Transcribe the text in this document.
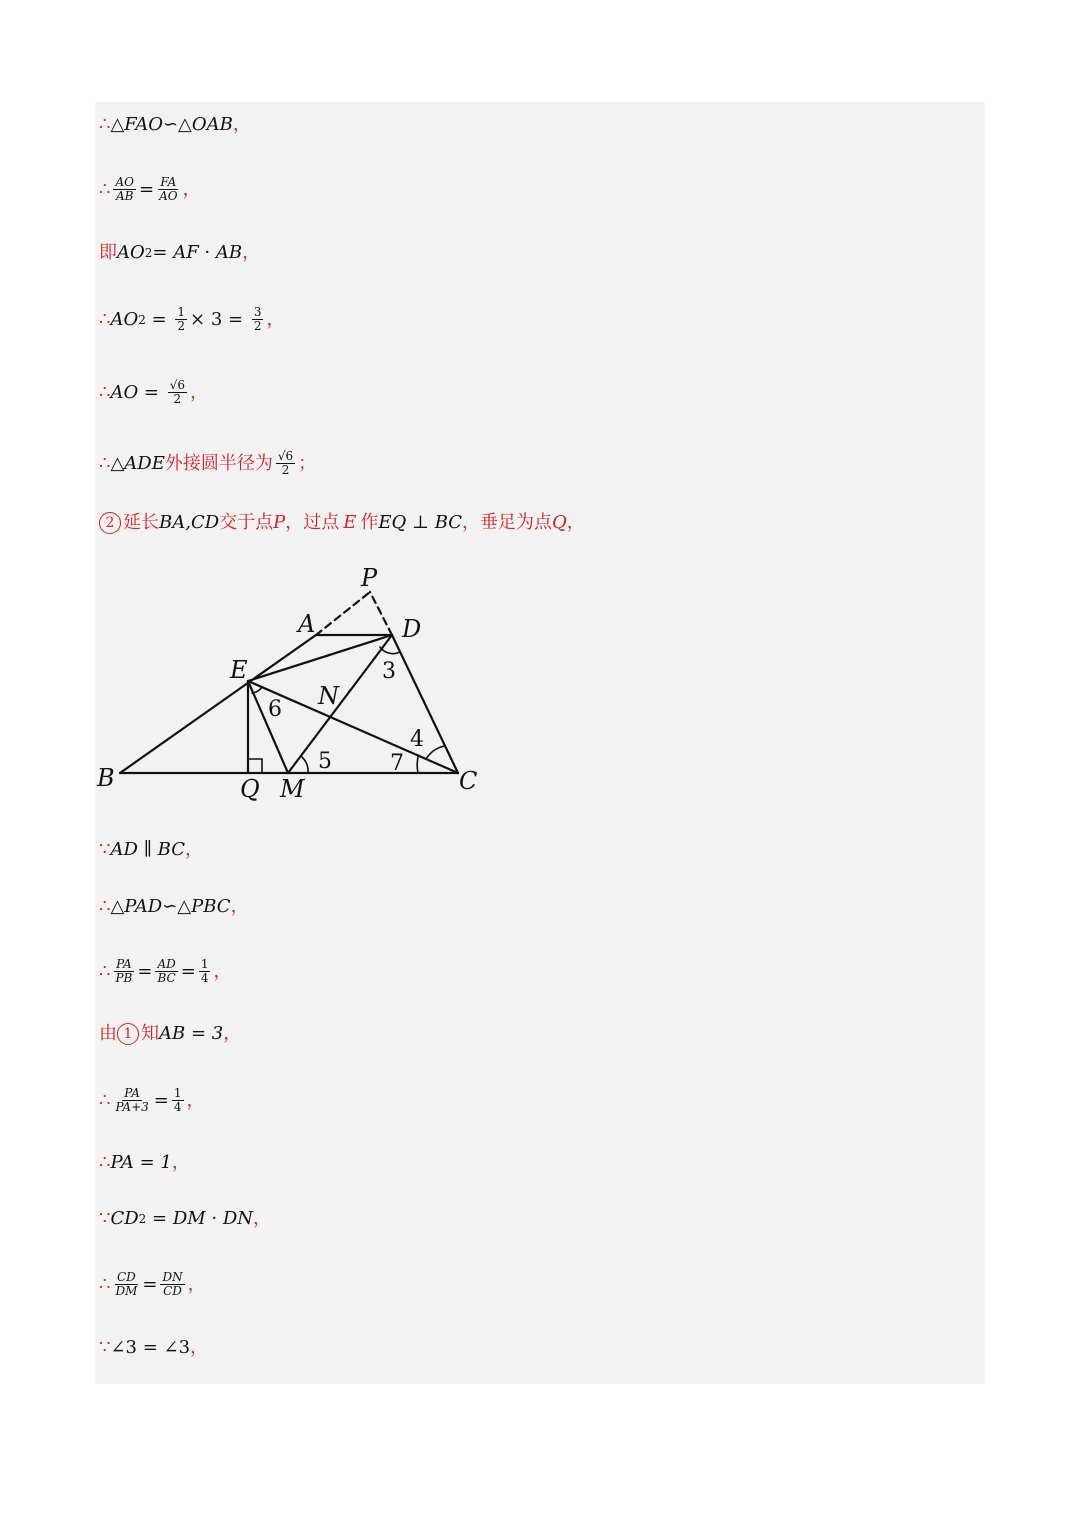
∴ △FAO∽△OAB ，
∴ $\frac{AO}{AB} = \frac{FA}{AO}$ ，
即 AO 2 = AF · AB ，
∴ AO $2 = \frac{1}{2} \times 3 = \frac{3}{2}$ ，
∴ AO = $\frac{√6}{2}$ ，
∴ △ADE 外接圆半径为 $\frac{√6}{2}$ ；
2 延长 BA,CD 交于点 P ，过点 E 作 EQ ⊥ BC ，垂足为点 Q ，
P
A	D
E
N
B	Q M	C
3
6
5
4
7
∵ AD ∥ BC ，
∴ △PAD∽△PBC ，
∴ $\frac{PA}{PB} = \frac{AD}{BC} = \frac{1}{4}$ ，
由 1 知 AB = 3 ，
∴ $\frac{PA}{PA+3} = \frac{1}{4}$ ，
∴ PA = 1 ，
∵ CD 2 = DM · DN ，
∴ $\frac{CD}{DM} = \frac{DN}{CD}$ ，
∵ ∠3 = ∠3 ，
